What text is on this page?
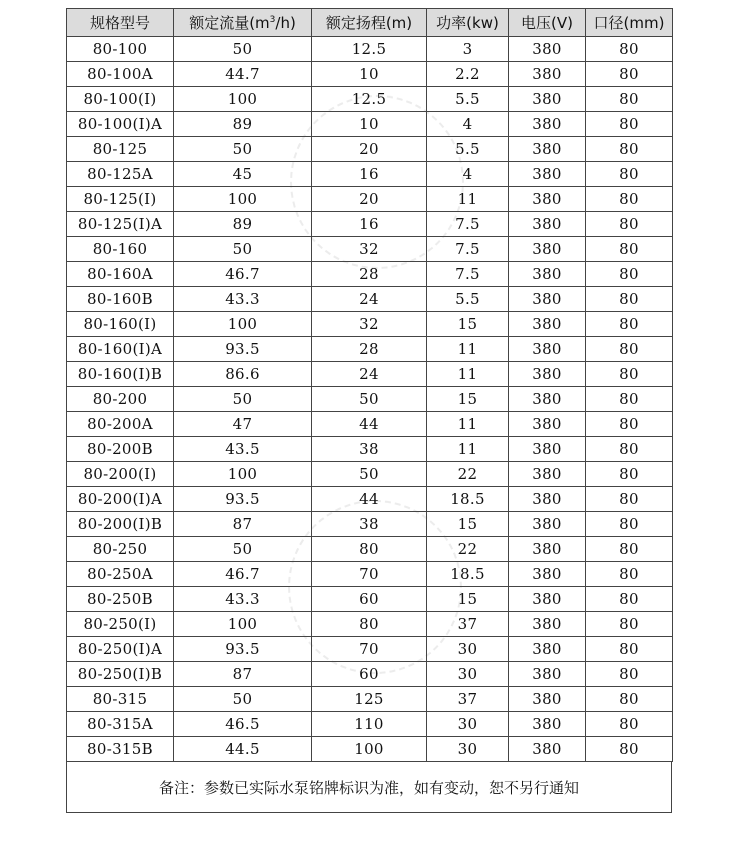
规格型号	额定流量$(m^3/h)$	额定扬程(m)	功率(kw)	电压(V)	口径(mm)
80-100	50	12.5	3	380	80
80-100A	44.7	10	2.2	380	80
80-100(I)	100	12.5	5.5	380	80
80-100(I)A	89	10	4	380	80
80-125	50	20	5.5	380	80
80-125A	45	16	4	380	80
80-125(I)	100	20	11	380	80
80-125(I)A	89	16	7.5	380	80
80-160	50	32	7.5	380	80
80-160A	46.7	28	7.5	380	80
80-160B	43.3	24	5.5	380	80
80-160(I)	100	32	15	380	80
80-160(I)A	93.5	28	11	380	80
80-160(I)B	86.6	24	11	380	80
80-200	50	50	15	380	80
80-200A	47	44	11	380	80
80-200B	43.5	38	11	380	80
80-200(I)	100	50	22	380	80
80-200(I)A	93.5	44	18.5	380	80
80-200(I)B	87	38	15	380	80
80-250	50	80	22	380	80
80-250A	46.7	70	18.5	380	80
80-250B	43.3	60	15	380	80
80-250(I)	100	80	37	380	80
80-250(I)A	93.5	70	30	380	80
80-250(I)B	87	60	30	380	80
80-315	50	125	37	380	80
80-315A	46.5	110	30	380	80
80-315B	44.5	100	30	380	80
备注：参数已实际水泵铭牌标识为准，如有变动，恕不另行通知
